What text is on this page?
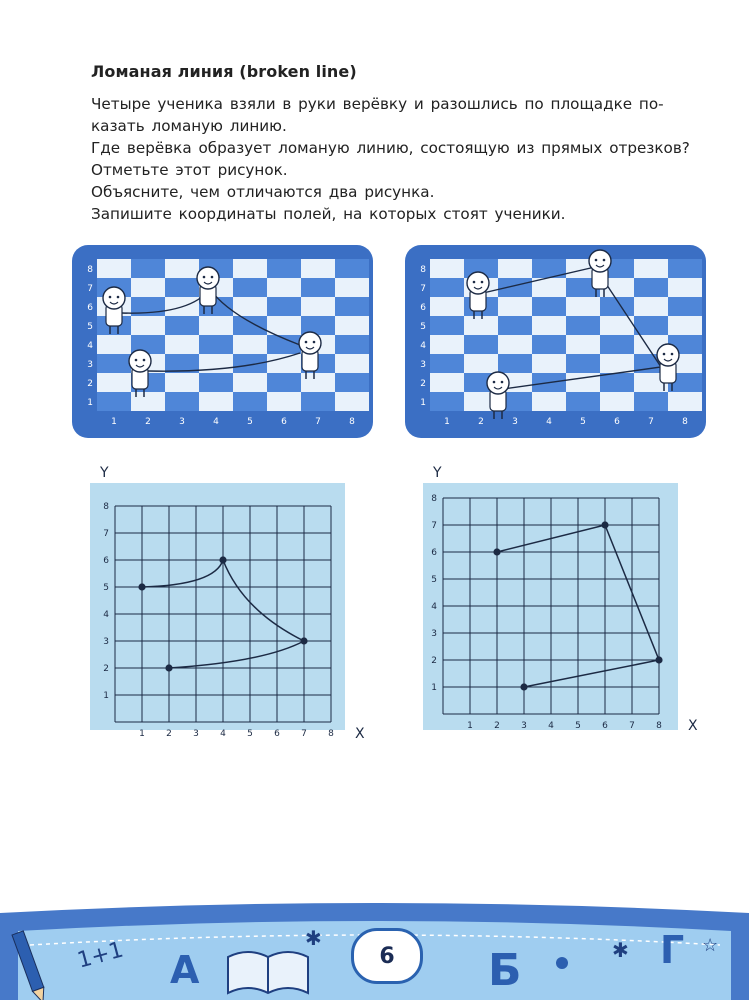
Ломаная линия (broken line)

Четыре ученика взяли в руки верёвку и разошлись по площадке по-

казать ломаную линию.

Где верёвка образует ломаную линию, состоящую из прямых отрезков?

Отметьте этот рисунок.

Объясните, чем отличаются два рисунка.

Запишите координаты полей, на которых стоят ученики.

8
7
6
5
4
3
2
1
1	2	3	4	5	6	7	8
8
7
6
5
4
3
2
1
1	2	3	4	5	6	7	8
1 2 3 4 5 6 7 8
1
2
3
4
5
6
7
8
X
Y
1 2 3 4 5 6 7 8
1
2
3
4
5
6
7
8
X
Y
1+1 A
✱
Б	✱ Г ☆
6
